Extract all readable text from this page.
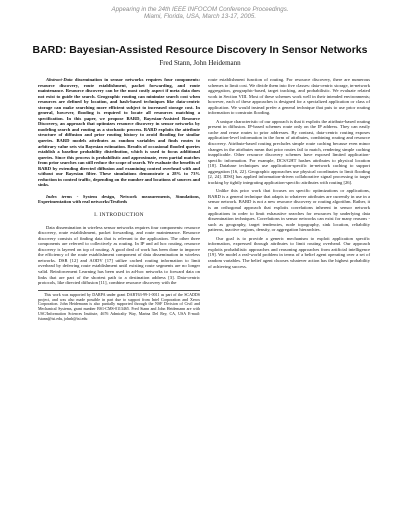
Appearing in the 24th IEEE INFOCOM Conference Proceedings.
Miami, Florida, USA, March 13-17, 2005.
BARD: Bayesian-Assisted Resource Discovery In Sensor Networks
Fred Stann, John Heidemann
Abstract-Data dissemination in sensor networks requires four components: resource discovery, route establishment, packet forwarding, and route maintenance. Resource discovery can be the most costly aspect if meta data does not exist to guide the search. Geographic routing can minimize search cost when resources are defined by location, and hash-based techniques like data-centric storage can make searching more efficient subject to increased storage cost. In general, however, flooding is required to locate all resources matching a specification. In this paper, we propose BARD, Bayesian-Assisted Resource Discovery, an approach that optimizes resource discovery in sensor networks by modeling search and routing as a stochastic process. BARD exploits the attribute structure of diffusion and prior routing history to avoid flooding for similar queries. BARD models attributes as random variables and finds routes to arbitrary value sets via Bayesian estimation. Results of occasional flooded queries establish a baseline probability distribution, which is used to focus additional queries. Since this process is probabilistic and approximate, even partial matches from prior searches can still reduce the scope of search. We evaluate the benefits of BARD by extending directed diffusion and examining control overhead with and without our Bayesian filter. These simulations demonstrate a 28% to 73% reduction in control traffic, depending on the number and locations of sources and sinks.
Index terms - System design, Network measurements, Simulations, Experimentation with real networks/Testbeds
I. INTRODUCTION

Data dissemination in wireless sensor networks requires four components: resource discovery, route establishment, packet forwarding, and route maintenance. Resource discovery consists of finding data that is relevant to the application. The other three components are referred to collectively as routing. In IP and ad hoc routing, resource discovery is layered on top of routing. A good deal of work has been done to improve the efficiency of the route establishment component of data dissemination in wireless networks. DSR [12] and AODV [17] utilize cached routing information to limit overhead by deferring route establishment until existing route segments are no longer valid. Reinforcement Learning has been used in ad-hoc networks to forward data on links that are part of the shortest path to a destination address [3]. Data-centric protocols, like directed diffusion [11], combine resource discovery with the

This work was supported by DARPA under grant DABT63-99-1-0011 as part of the SCADDS project, and was also made possible in part due to support from Intel Corporation and Xerox Corporation. John Heidemann is also partially supported through the NSF Division of Civil and Mechanical Systems, grant number BS1-CMS-0113465. Fred Stann and John Heidemann are with USC/Information Sciences Institute, 4676 Admiralty Way, Marina Del Rey, CA, USA E-mail: fstann@isi.edu, johnh@isi.edu

route establishment function of routing. For resource discovery, there are numerous schemes to limit cost. We divide them into five classes: data-centric storage, in-network aggregation, geographic-based, target tracking, and probabilistic. We evaluate related work in Section VIII. Most of these schemes work well in their intended environments; however, each of these approaches is designed for a specialized application or class of application. We would instead prefer a general technique that puts to use prior routing information to constrain flooding.

A unique characteristic of our approach is that it exploits the attribute-based routing present in diffusion. IP-based schemes route only on the IP address. They can easily cache and reuse routes to prior addresses. By contrast, data-centric routing exposes application-level information in the form of attributes, combining routing and resource discovery. Attribute-based routing precludes simple route caching because even minor changes in the attributes mean that prior routes fail to match, rendering simple caching inapplicable. Other resource discovery schemes have exposed limited application-specific information. For example, DCS/GHT hashes attributes to physical location [18]. Database techniques use application-specific in-network caching to support aggregation [16, 22]. Geographic approaches use physical coordinates to limit flooding [2, 24]. IDSQ has applied information-driven collaborative signal processing to target tracking by tightly integrating application-specific attributes with routing [26].

Unlike this prior work that focuses on specific optimizations or applications, BARD is a general technique that adapts to whatever attributes are currently in use in a sensor network. BARD is not a new resource discovery or routing algorithm. Rather, it is an orthogonal approach that exploits correlations inherent in sensor network applications in order to limit exhaustive searches for resources by underlying data dissemination techniques. Correlations in sensor networks can exist for many reasons - such as geography, target tendencies, node topography, sink location, reliability patterns, inactive regions, density, or aggregation hierarchies.

Our goal is to provide a generic mechanism to exploit application specific information, expressed through attributes to limit routing overhead. Our approach exploits probabilistic approaches and reasoning approaches from artificial intelligence [19]. We model a real-world problem in terms of a belief agent operating over a set of random variables. The belief agent chooses whatever action has the highest probability of achieving success.
